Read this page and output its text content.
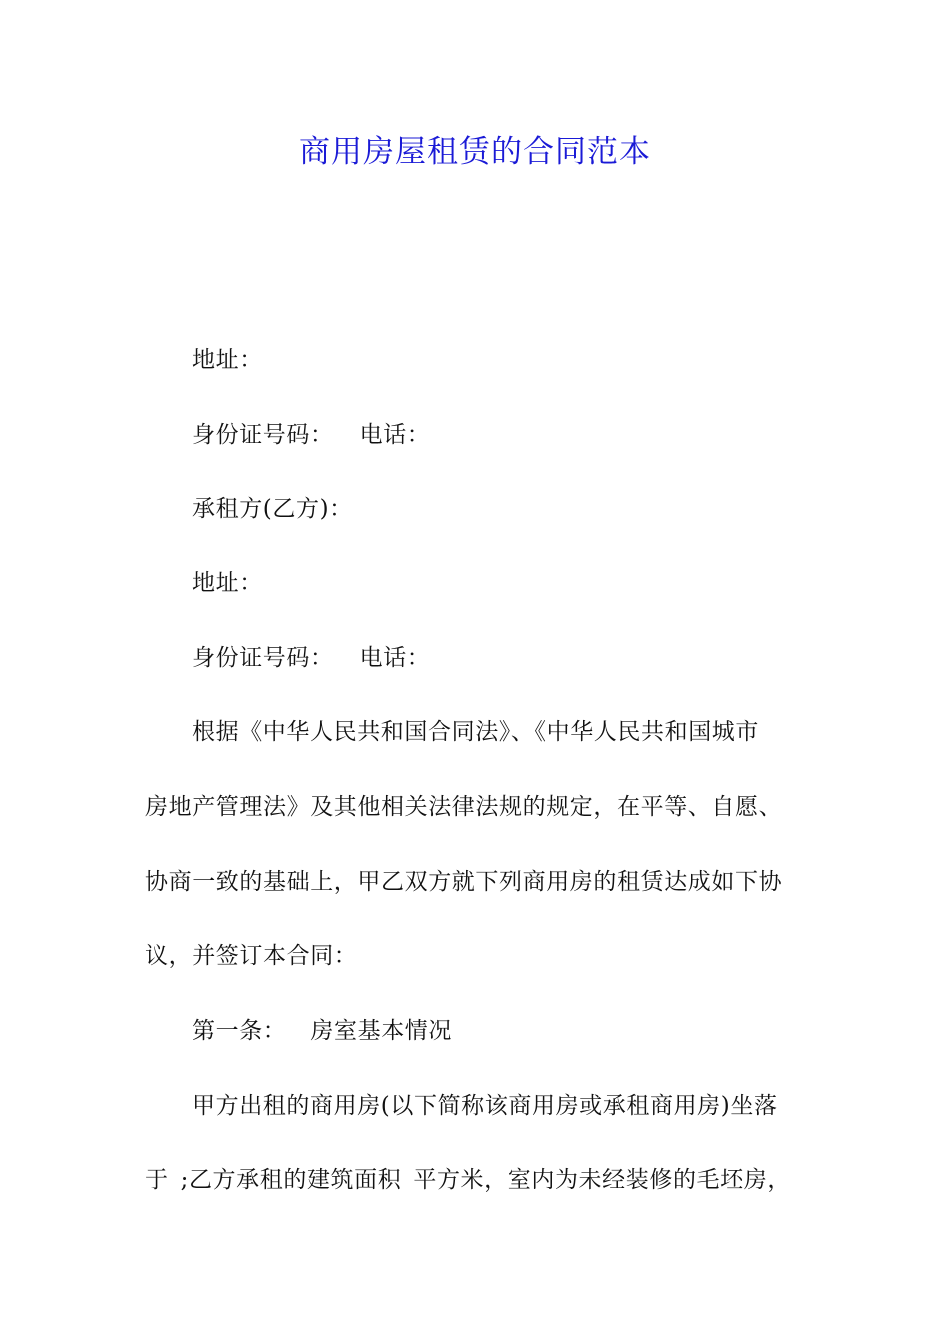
商用房屋租赁的合同范本
地址：
身份证号码： 电话：
承租方(乙方)：
地址：
身份证号码： 电话：
根据《中华人民共和国合同法》、《中华人民共和国城市
房地产管理法》及其他相关法律法规的规定，在平等、自愿、
协商一致的基础上，甲乙双方就下列商用房的租赁达成如下协
议，并签订本合同：
第一条： 房室基本情况
甲方出租的商用房(以下简称该商用房或承租商用房)坐落
于 ;乙方承租的建筑面积 平方米，室内为未经装修的毛坯房，
